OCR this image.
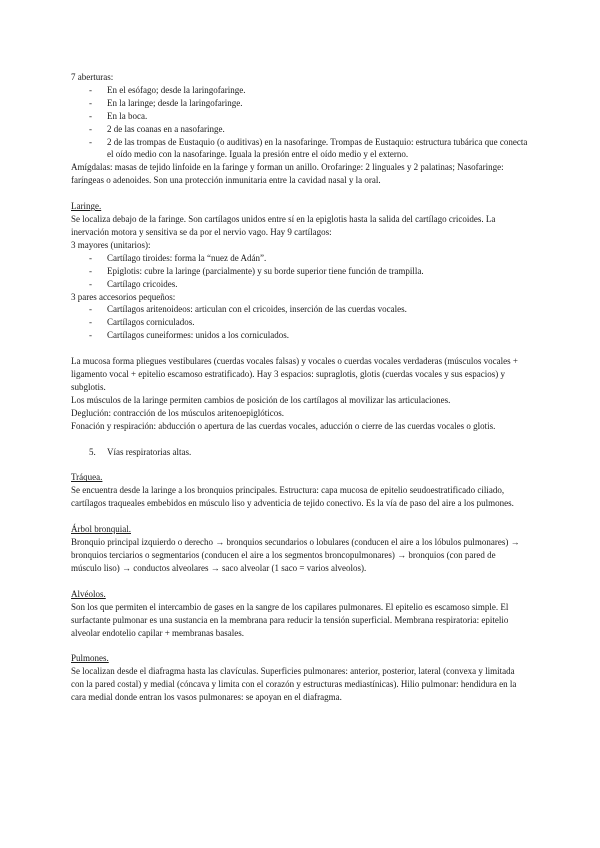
7 aberturas:

- En el esófago; desde la laringofaringe.
- En la laringe; desde la laringofaringe.
- En la boca.
- 2 de las coanas en a nasofaringe.
- 2 de las trompas de Eustaquio (o auditivas) en la nasofaringe. Trompas de Eustaquio: estructura tubárica que conecta el oído medio con la nasofaringe. Iguala la presión entre el oído medio y el externo.

Amígdalas: masas de tejido linfoide en la faringe y forman un anillo. Orofaringe: 2 linguales y 2 palatinas; Nasofaringe: faríngeas o adenoides. Son una protección inmunitaria entre la cavidad nasal y la oral.

Laringe.

Se localiza debajo de la faringe. Son cartílagos unidos entre sí en la epiglotis hasta la salida del cartílago cricoides. La inervación motora y sensitiva se da por el nervio vago. Hay 9 cartílagos:

3 mayores (unitarios):

- Cartílago tiroides: forma la “nuez de Adán”.
- Epiglotis: cubre la laringe (parcialmente) y su borde superior tiene función de trampilla.
- Cartílago cricoides.

3 pares accesorios pequeños:

- Cartílagos aritenoideos: articulan con el cricoides, inserción de las cuerdas vocales.
- Cartílagos corniculados.
- Cartílagos cuneiformes: unidos a los corniculados.

La mucosa forma pliegues vestibulares (cuerdas vocales falsas) y vocales o cuerdas vocales verdaderas (músculos vocales + ligamento vocal + epitelio escamoso estratificado). Hay 3 espacios: supraglotis, glotis (cuerdas vocales y sus espacios) y subglotis.

Los músculos de la laringe permiten cambios de posición de los cartílagos al movilizar las articulaciones.

Deglución: contracción de los músculos aritenoepiglóticos.

Fonación y respiración: abducción o apertura de las cuerdas vocales, aducción o cierre de las cuerdas vocales o glotis.

5. Vías respiratorias altas.

Tráquea.

Se encuentra desde la laringe a los bronquios principales. Estructura: capa mucosa de epitelio seudoestratificado ciliado, cartílagos traqueales embebidos en músculo liso y adventicia de tejido conectivo. Es la vía de paso del aire a los pulmones.

Árbol bronquial.

Bronquio principal izquierdo o derecho → bronquios secundarios o lobulares (conducen el aire a los lóbulos pulmonares) → bronquios terciarios o segmentarios (conducen el aire a los segmentos broncopulmonares) → bronquios (con pared de músculo liso) → conductos alveolares → saco alveolar (1 saco = varios alveolos).

Alvéolos.

Son los que permiten el intercambio de gases en la sangre de los capilares pulmonares. El epitelio es escamoso simple. El surfactante pulmonar es una sustancia en la membrana para reducir la tensión superficial. Membrana respiratoria: epitelio alveolar endotelio capilar + membranas basales.

Pulmones.

Se localizan desde el diafragma hasta las clavículas. Superficies pulmonares: anterior, posterior, lateral (convexa y limitada con la pared costal) y medial (cóncava y limita con el corazón y estructuras mediastínicas). Hilio pulmonar: hendidura en la cara medial donde entran los vasos pulmonares: se apoyan en el diafragma.
